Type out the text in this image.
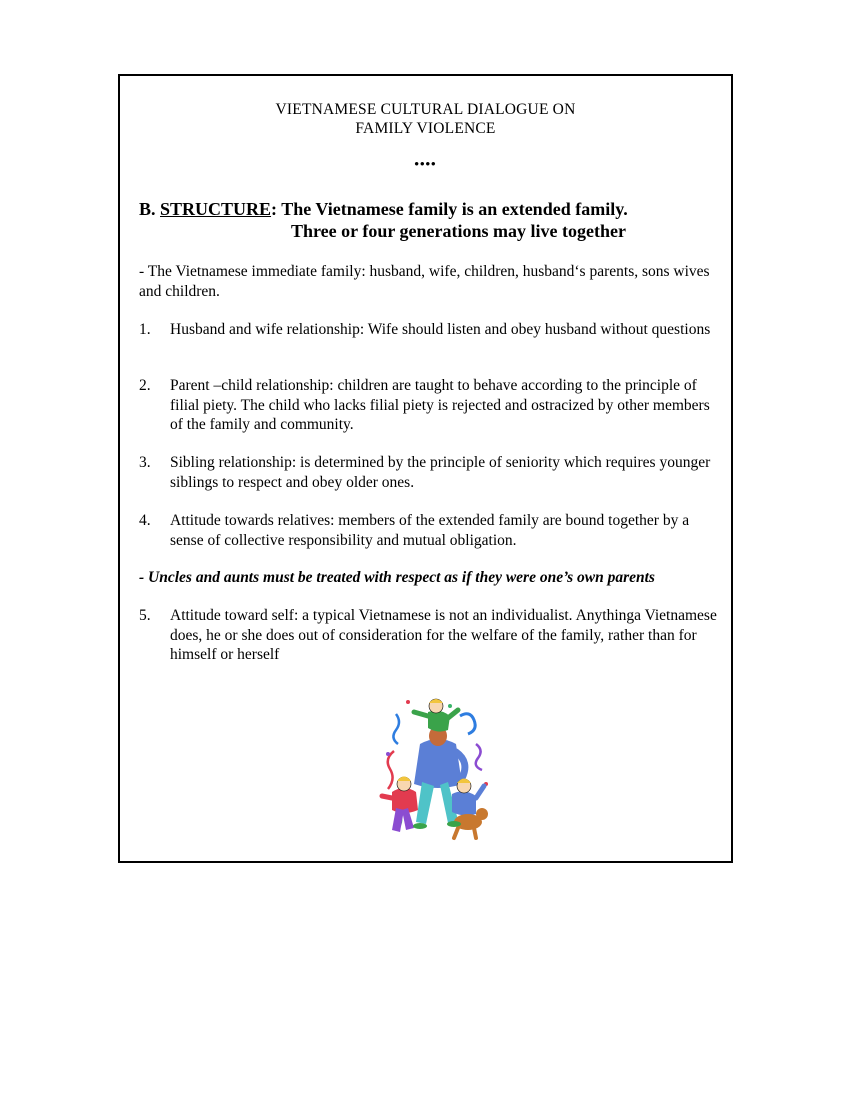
VIETNAMESE CULTURAL DIALOGUE ON
FAMILY VIOLENCE
••••
B. STRUCTURE: The Vietnamese family is an extended family.
Three or four generations may live together
- The Vietnamese immediate family: husband, wife, children, husband‘s parents, sons wives and children.
1. Husband and wife relationship: Wife should listen and obey husband without questions
2. Parent –child relationship: children are taught to behave according to the principle of filial piety. The child who lacks filial piety is rejected and ostracized by other members of the family and community.
3. Sibling relationship: is determined by the principle of seniority which requires younger siblings to respect and obey older ones.
4. Attitude towards relatives: members of the extended family are bound together by a sense of collective responsibility and mutual obligation.
- Uncles and aunts must be treated with respect as if they were one’s own parents
5. Attitude toward self: a typical Vietnamese is not an individualist. Anythinga Vietnamese does, he or she does out of consideration for the welfare of the family, rather than for himself or herself
